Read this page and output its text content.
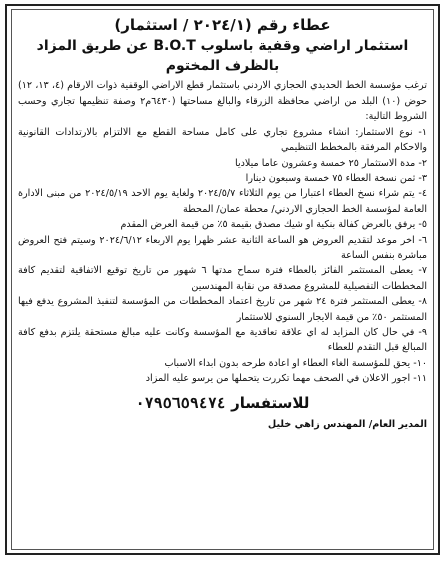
عطاء رقم (٢٠٢٤/١ / استثمار)
استثمار اراضي وقفية باسلوب B.O.T عن طريق المزاد بالظرف المختوم

ترغب مؤسسة الخط الحديدي الحجازي الاردني باستثمار قطع الاراضي الوقفية ذوات الارقام (٤، ١٣، ١٢) حوض (١٠) البلد من اراضي محافظة الزرقاء والبالغ مساحتها (٦٤٣٠م٢ وصفة تنظيمها تجاري وحسب الشروط التالية:

١- نوع الاستثمار: انشاء مشروع تجاري على كامل مساحة القطع مع الالتزام بالارتدادات القانونية والاحكام المرفقة بالمخطط التنظيمي

٢- مدة الاستثمار ٢٥ خمسة وعشرون عاما ميلاديا

٣- ثمن نسخة العطاء ٧٥ خمسة وسبعون دينارا

٤- يتم شراء نسخ العطاء اعتبارا من يوم الثلاثاء ٢٠٢٤/٥/٧ ولغاية يوم الاحد ٢٠٢٤/٥/١٩ من مبنى الادارة العامة لمؤسسة الخط الحجازي الاردني/ محطة عمان/ المحطة

٥- يرفق بالعرض كفالة بنكية او شيك مصدق بقيمة ٥٪ من قيمة العرض المقدم

٦- اخر موعد لتقديم العروض هو الساعة الثانية عشر ظهرا يوم الاربعاء ٢٠٢٤/٦/١٢ وسيتم فتح العروض مباشرة بنفس الساعة

٧- يعطى المستثمر الفائز بالعطاء فترة سماح مدتها ٦ شهور من تاريخ توقيع الاتفاقية لتقديم كافة المخططات التفصيلية للمشروع مصدقة من نقابة المهندسين

٨- يعطى المستثمر فترة ٢٤ شهر من تاريخ اعتماد المخططات من المؤسسة لتنفيذ المشروع يدفع فيها المستثمر ٥٠٪ من قيمة الايجار السنوي للاستثمار

٩- في حال كان المزايد له اي علاقة تعاقدية مع المؤسسة وكانت عليه مبالغ مستحقة يلتزم بدفع كافة المبالغ قبل التقدم للعطاء

١٠- يحق للمؤسسة الغاء العطاء او اعادة طرحه بدون ابداء الاسباب

١١- اجور الاعلان في الصحف مهما تكررت يتحملها من يرسو عليه المزاد

للاستفسار ٠٧٩٥٦٥٩٤٧٤
المدير العام/ المهندس زاهي خليل
